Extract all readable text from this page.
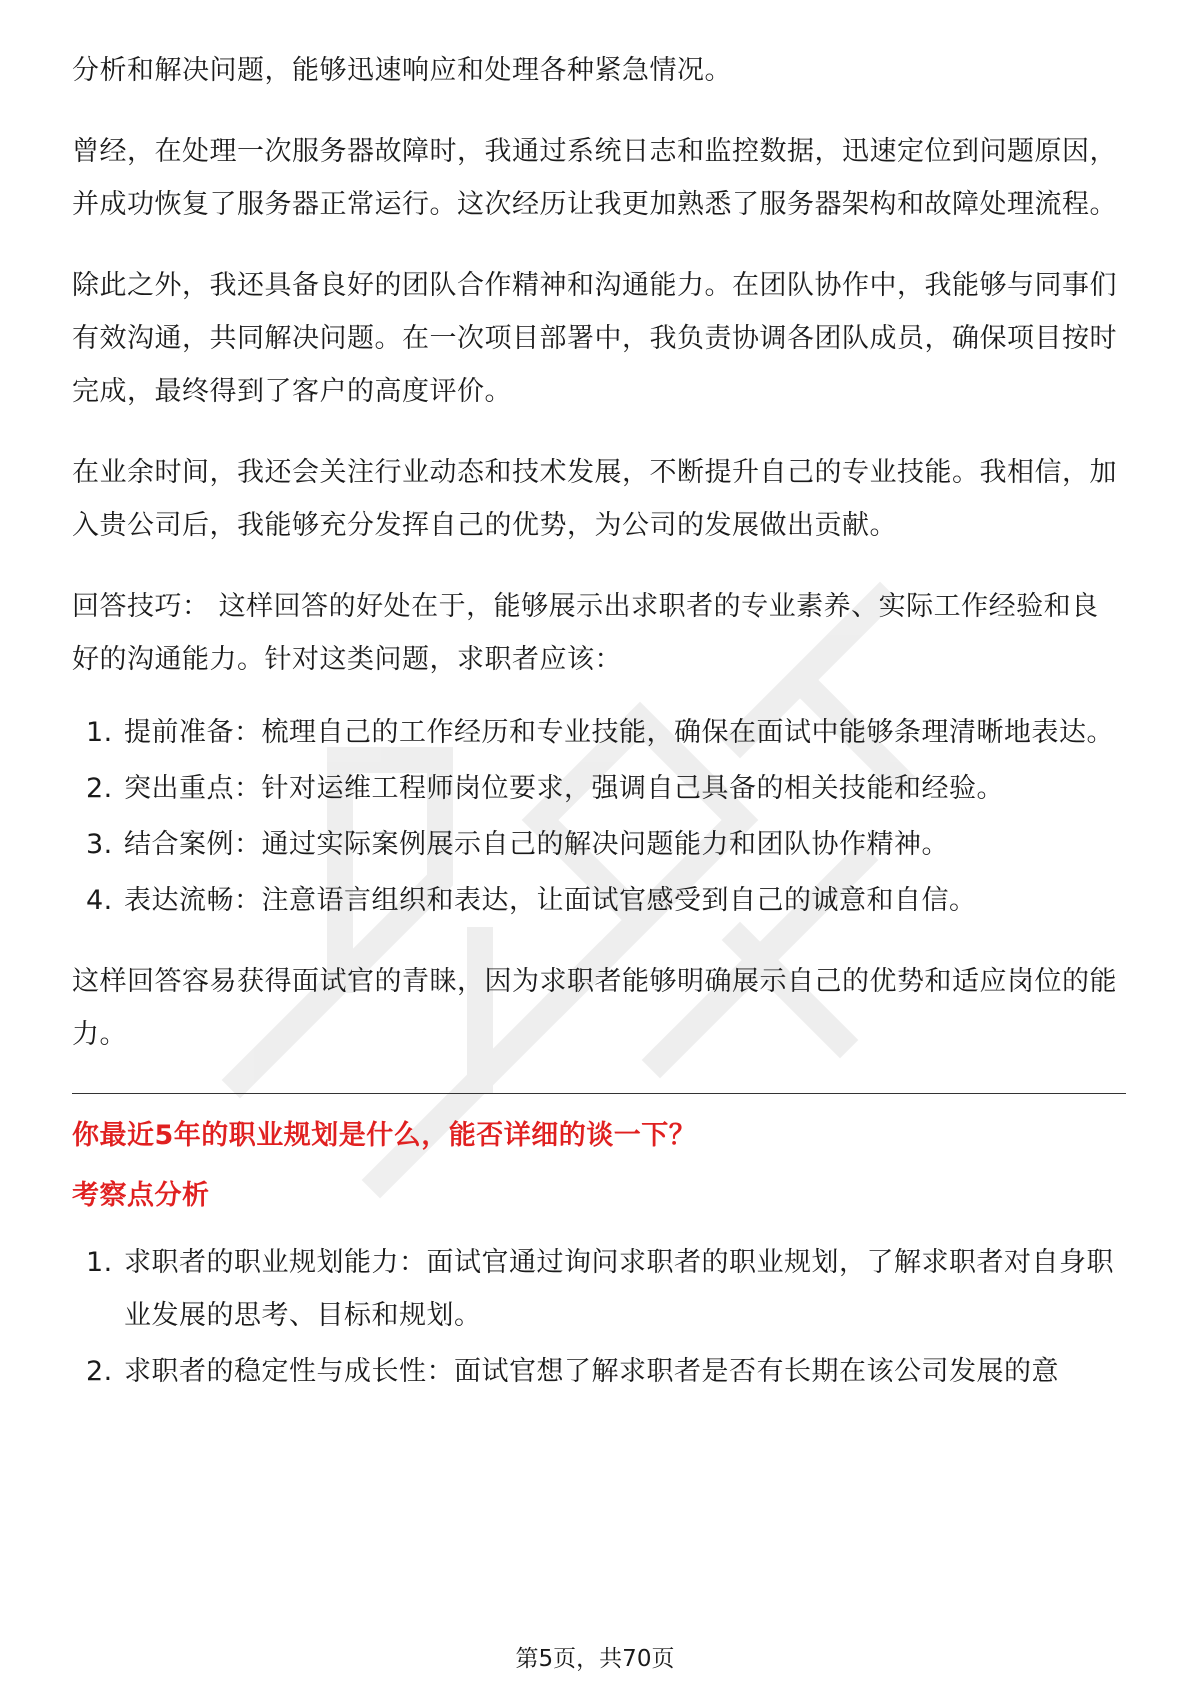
分析和解决问题，能够迅速响应和处理各种紧急情况。

曾经，在处理一次服务器故障时，我通过系统日志和监控数据，迅速定位到问题原因，并成功恢复了服务器正常运行。这次经历让我更加熟悉了服务器架构和故障处理流程。

除此之外，我还具备良好的团队合作精神和沟通能力。在团队协作中，我能够与同事们有效沟通，共同解决问题。在一次项目部署中，我负责协调各团队成员，确保项目按时完成，最终得到了客户的高度评价。

在业余时间，我还会关注行业动态和技术发展，不断提升自己的专业技能。我相信，加入贵公司后，我能够充分发挥自己的优势，为公司的发展做出贡献。

回答技巧： 这样回答的好处在于，能够展示出求职者的专业素养、实际工作经验和良好的沟通能力。针对这类问题，求职者应该：

1. 提前准备：梳理自己的工作经历和专业技能，确保在面试中能够条理清晰地表达。
2. 突出重点：针对运维工程师岗位要求，强调自己具备的相关技能和经验。
3. 结合案例：通过实际案例展示自己的解决问题能力和团队协作精神。
4. 表达流畅：注意语言组织和表达，让面试官感受到自己的诚意和自信。

这样回答容易获得面试官的青睐，因为求职者能够明确展示自己的优势和适应岗位的能力。

你最近5年的职业规划是什么，能否详细的谈一下？
考察点分析
1. 求职者的职业规划能力：面试官通过询问求职者的职业规划，了解求职者对自身职业发展的思考、目标和规划。
2. 求职者的稳定性与成长性：面试官想了解求职者是否有长期在该公司发展的意
第5页，共70页
